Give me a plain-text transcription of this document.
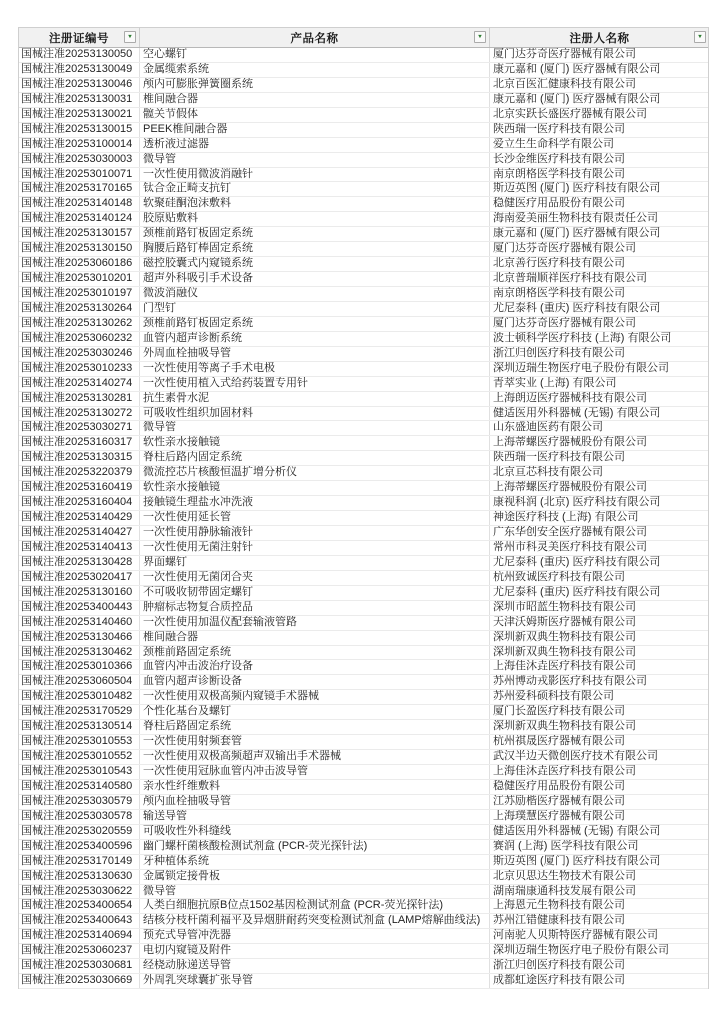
注册证编号	▼	产品名称	▼	注册人名称	▼
国械注准20253130050 空心螺钉	厦门达芬奇医疗器械有限公司
国械注准20253130049 金属缆索系统	康元嘉和 (厦门) 医疗器械有限公司
国械注准20253130046 颅内可膨胀弹簧圈系统	北京百医汇健康科技有限公司
国械注准20253130031 椎间融合器	康元嘉和 (厦门) 医疗器械有限公司
国械注准20253130021 髋关节假体	北京实跃长盛医疗器械有限公司
国械注准20253130015 PEEK椎间融合器	陕西瑞一医疗科技有限公司
国械注准20253100014 透析液过滤器	爱立生生命科学有限公司
国械注准20253030003 微导管	长沙金维医疗科技有限公司
国械注准20253010071 一次性使用微波消融针	南京朗格医学科技有限公司
国械注准20253170165 钛合金正畸支抗钉	斯迈英图 (厦门) 医疗科技有限公司
国械注准20253140148 软聚硅酮泡沫敷料	稳健医疗用品股份有限公司
国械注准20253140124 胶原贴敷料	海南爱美丽生物科技有限责任公司
国械注准20253130157 颈椎前路钉板固定系统	康元嘉和 (厦门) 医疗器械有限公司
国械注准20253130150 胸腰后路钉棒固定系统	厦门达芬奇医疗器械有限公司
国械注准20253060186 磁控胶囊式内窥镜系统	北京善行医疗科技有限公司
国械注准20253010201 超声外科吸引手术设备	北京普瑞顺祥医疗科技有限公司
国械注准20253010197 微波消融仪	南京朗格医学科技有限公司
国械注准20253130264 门型钉	尤尼泰科 (重庆) 医疗科技有限公司
国械注准20253130262 颈椎前路钉板固定系统	厦门达芬奇医疗器械有限公司
国械注准20253060232 血管内超声诊断系统	波士顿科学医疗科技 (上海) 有限公司
国械注准20253030246 外周血栓抽吸导管	浙江归创医疗科技有限公司
国械注准20253010233 一次性使用等离子手术电极	深圳迈瑞生物医疗电子股份有限公司
国械注准20253140274 一次性使用植入式给药装置专用针	青萃实业 (上海) 有限公司
国械注准20253130281 抗生素骨水泥	上海朗迈医疗器械科技有限公司
国械注准20253130272 可吸收性组织加固材料	健适医用外科器械 (无锡) 有限公司
国械注准20253030271 微导管	山东盛迪医药有限公司
国械注准20253160317 软性亲水接触镜	上海蒂螺医疗器械股份有限公司
国械注准20253130315 脊柱后路内固定系统	陕西瑞一医疗科技有限公司
国械注准20253220379 微流控芯片核酸恒温扩增分析仪	北京亘芯科技有限公司
国械注准20253160419 软性亲水接触镜	上海蒂螺医疗器械股份有限公司
国械注准20253160404 接触镜生理盐水冲洗液	康视科润 (北京) 医疗科技有限公司
国械注准20253140429 一次性使用延长管	神途医疗科技 (上海) 有限公司
国械注准20253140427 一次性使用静脉输液针	广东华创安全医疗器械有限公司
国械注准20253140413 一次性使用无菌注射针	常州市科灵美医疗科技有限公司
国械注准20253130428 界面螺钉	尤尼泰科 (重庆) 医疗科技有限公司
国械注准20253020417 一次性使用无菌闭合夹	杭州致诚医疗科技有限公司
国械注准20253130160 不可吸收韧带固定螺钉	尤尼泰科 (重庆) 医疗科技有限公司
国械注准20253400443 肿瘤标志物复合质控品	深圳市昭蓝生物科技有限公司
国械注准20253140460 一次性使用加温仪配套输液管路	天津沃姆斯医疗器械有限公司
国械注准20253130466 椎间融合器	深圳新双典生物科技有限公司
国械注准20253130462 颈椎前路固定系统	深圳新双典生物科技有限公司
国械注准20253010366 血管内冲击波治疗设备	上海佳沐垚医疗科技有限公司
国械注准20253060504 血管内超声诊断设备	苏州博动戎影医疗科技有限公司
国械注准20253010482 一次性使用双极高频内窥镜手术器械	苏州爱科硕科技有限公司
国械注准20253170529 个性化基台及螺钉	厦门长盈医疗科技有限公司
国械注准20253130514 脊柱后路固定系统	深圳新双典生物科技有限公司
国械注准20253010553 一次性使用射频套管	杭州祺晟医疗器械有限公司
国械注准20253010552 一次性使用双极高频超声双输出手术器械	武汉半边天微创医疗技术有限公司
国械注准20253010543 一次性使用冠脉血管内冲击波导管	上海佳沐垚医疗科技有限公司
国械注准20253140580 亲水性纤维敷料	稳健医疗用品股份有限公司
国械注准20253030579 颅内血栓抽吸导管	江苏励楷医疗器械有限公司
国械注准20253030578 输送导管	上海璞慧医疗器械有限公司
国械注准20253020559 可吸收性外科缝线	健适医用外科器械 (无锡) 有限公司
国械注准20253400596 幽门螺杆菌核酸检测试剂盒 (PCR-荧光探针法)	赛润 (上海) 医学科技有限公司
国械注准20253170149 牙种植体系统	斯迈英图 (厦门) 医疗科技有限公司
国械注准20253130630 金属锁定接骨板	北京贝思达生物技术有限公司
国械注准20253030622 微导管	湖南瑞康通科技发展有限公司
国械注准20253400654 人类白细胞抗原B位点1502基因检测试剂盒 (PCR-荧光探针法)	上海恩元生物科技有限公司
国械注准20253400643 结核分枝杆菌利福平及异烟肼耐药突变检测试剂盒 (LAMP熔解曲线法)	苏州江错健康科技有限公司
国械注准20253140694 预充式导管冲洗器	河南驼人贝斯特医疗器械有限公司
国械注准20253060237 电切内窥镜及附件	深圳迈瑞生物医疗电子股份有限公司
国械注准20253030681 经桡动脉递送导管	浙江归创医疗科技有限公司
国械注准20253030669 外周乳突球囊扩张导管	成都虹途医疗科技有限公司
